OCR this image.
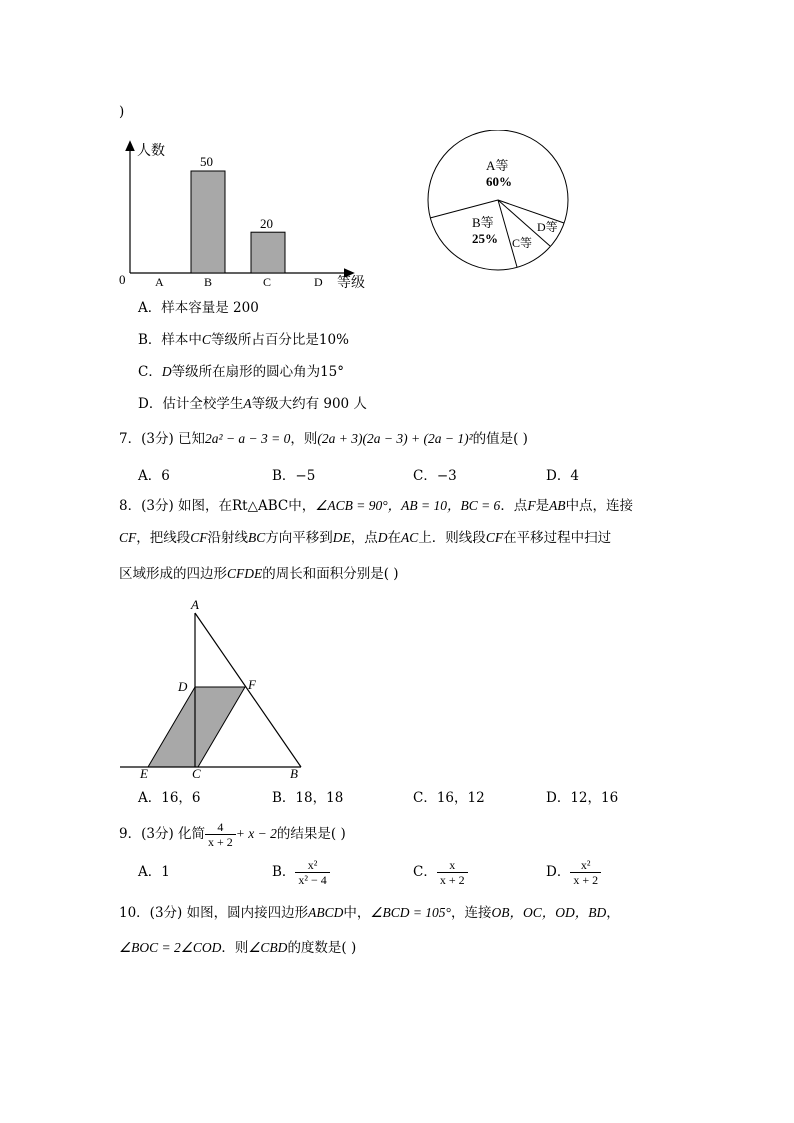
)
人数
等级
0 A	B	C	D
50
20
A等
60%
B等
25% C等
D等
A．样本容量是 200
B．样本中C等级所占百分比是10%
C．D等级所在扇形的圆心角为15°
D．估计全校学生A等级大约有 900 人
7．(3分) 已知2a² − a − 3 = 0，则(2a + 3)(2a − 3) + (2a − 1)²的值是( )
A．6	B．−5	C．−3	D．4
8．(3分) 如图，在Rt△ABC中，∠ACB = 90°，AB = 10，BC = 6．点F是AB中点，连接
CF，把线段CF沿射线BC方向平移到DE，点D在AC上．则线段CF在平移过程中扫过
区域形成的四边形CFDE的周长和面积分别是( )
A
D	F
E	C	B
A．16，6	B．18，18	C．16，12	D．12，16
9．(3分) 化简 $\frac{4}{x + 2} + x - 2$的结果是( )
A．1	B． $\frac{\text{x²}}{\text{x² − 4}}$	C． $\frac{x}{x + 2}$	D． $\frac{\text{x²}}{x + 2}$
10．(3分) 如图，圆内接四边形ABCD中，∠BCD = 105°，连接OB，OC，OD，BD，
∠BOC = 2∠COD．则∠CBD的度数是( )
